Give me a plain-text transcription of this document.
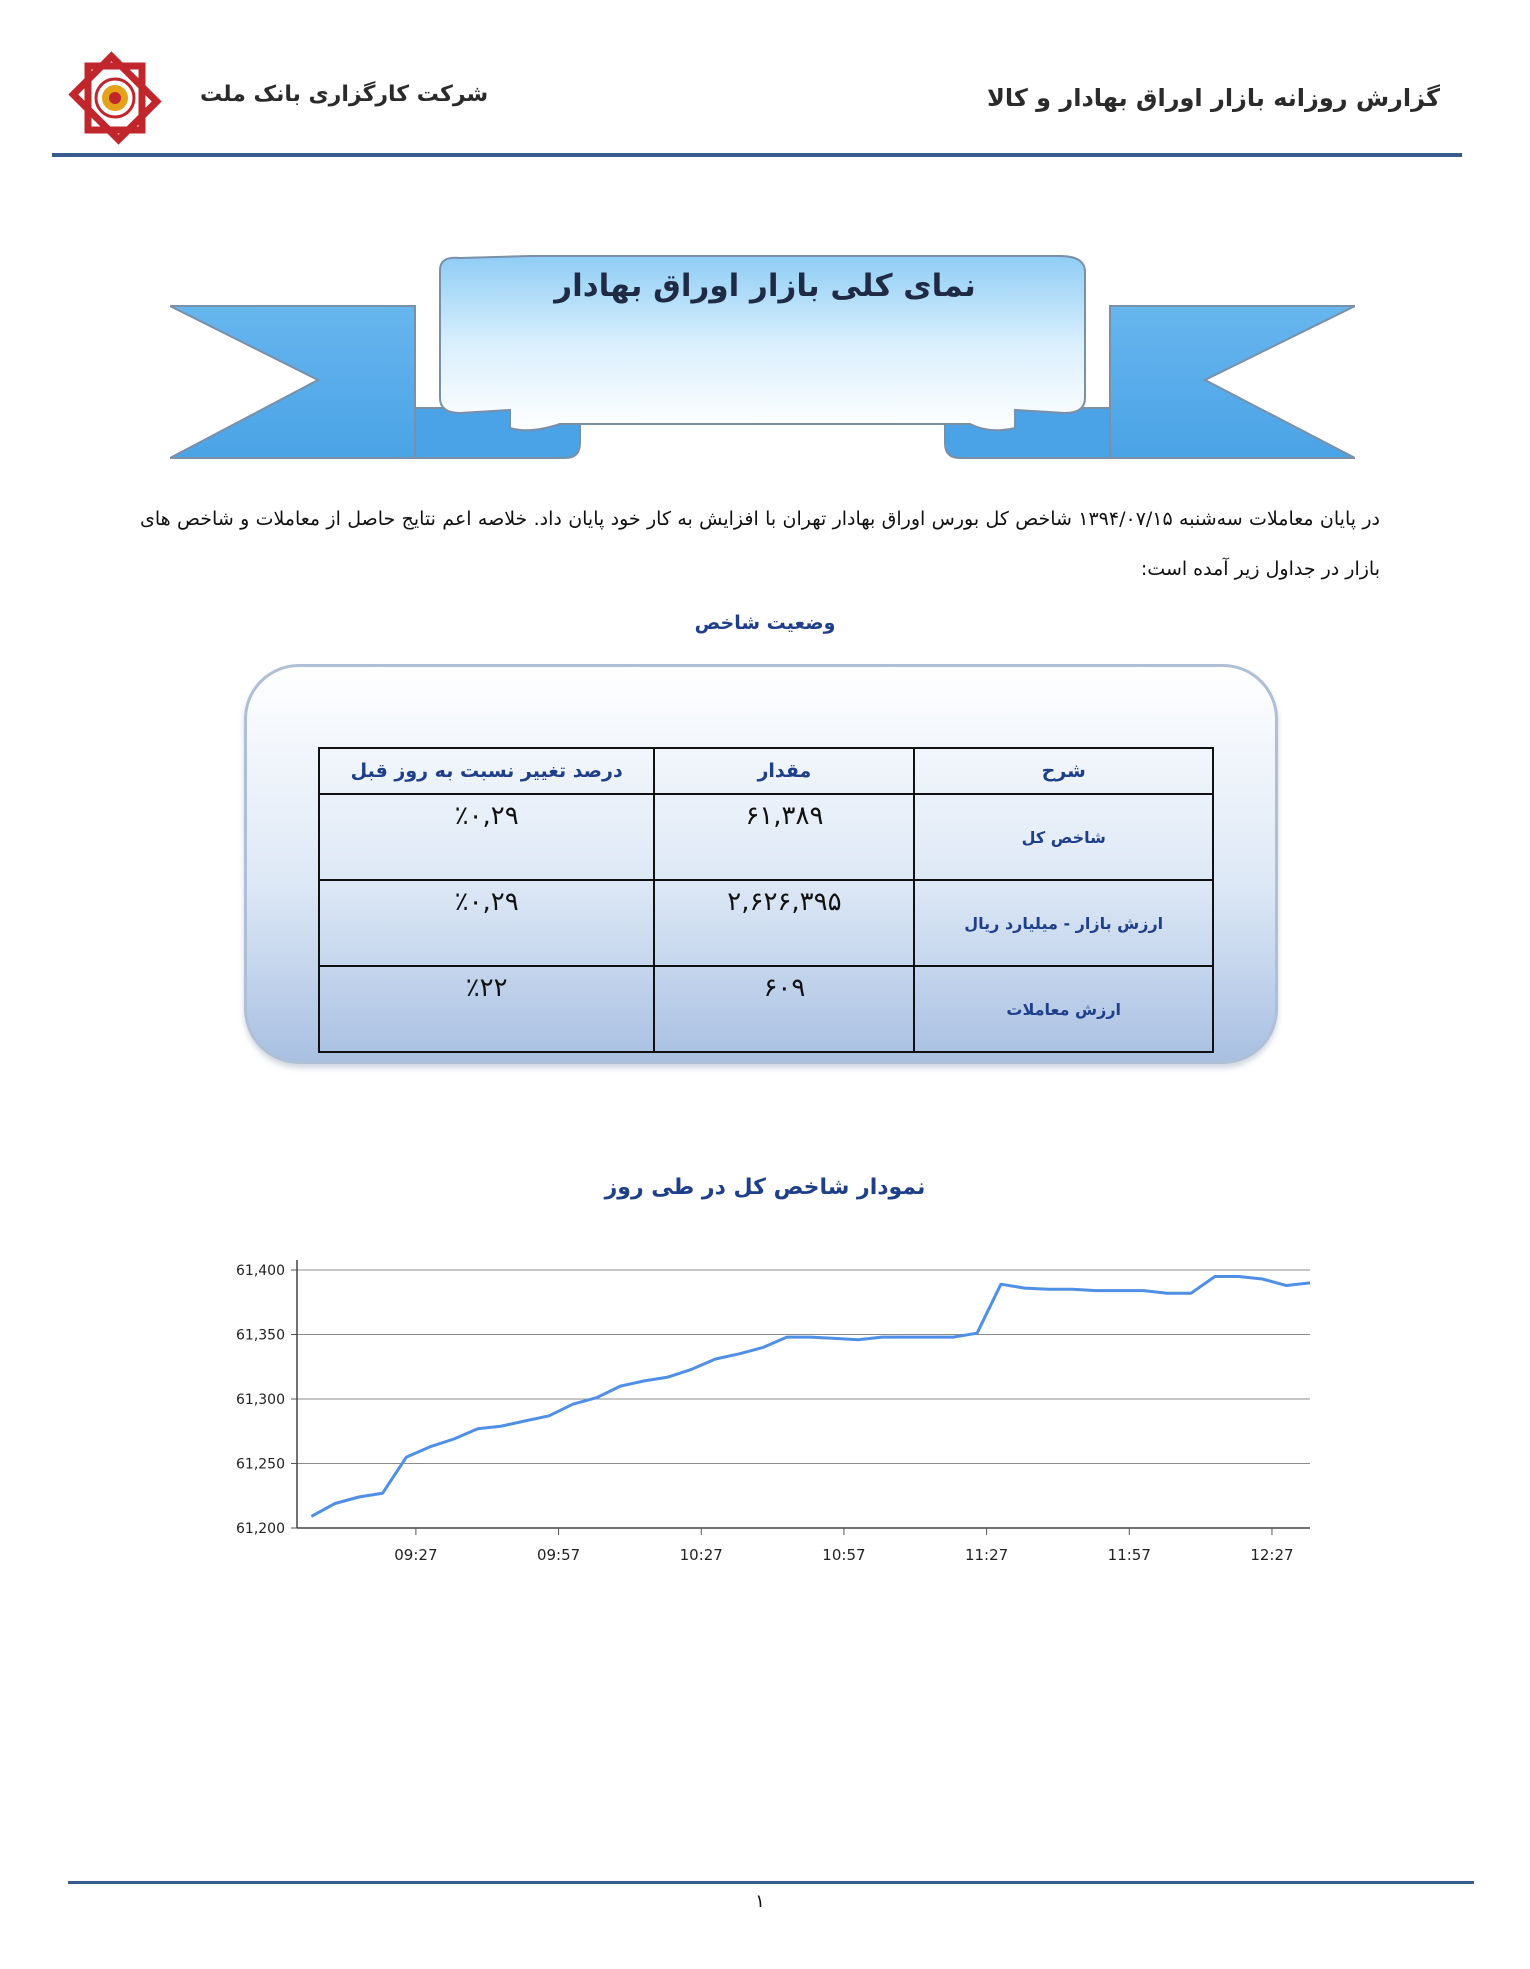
شرکت کارگزاری بانک ملت	گزارش روزانه بازار اوراق بهادار و کالا
نمای کلی بازار اوراق بهادار
در پایان معاملات سه‌شنبه ۱۳۹۴/۰۷/۱۵ شاخص کل بورس اوراق بهادار تهران با افزایش به کار خود پایان داد. خلاصه اعم نتایج حاصل از معاملات و شاخص های بازار در جداول زیر آمده است:
وضعیت شاخص
شرح	مقدار	درصد تغییر نسبت به روز قبل
شاخص کل	۶۱,۳۸۹	٪۰,۲۹
ارزش بازار - میلیارد ریال	۲,۶۲۶,۳۹۵	٪۰,۲۹
ارزش معاملات	۶۰۹	٪۲۲
نمودار شاخص کل در طی روز
61,200
61,250
61,300
61,350
61,400
09:27	09:57	10:27	10:57	11:27	11:57	12:27
۱
